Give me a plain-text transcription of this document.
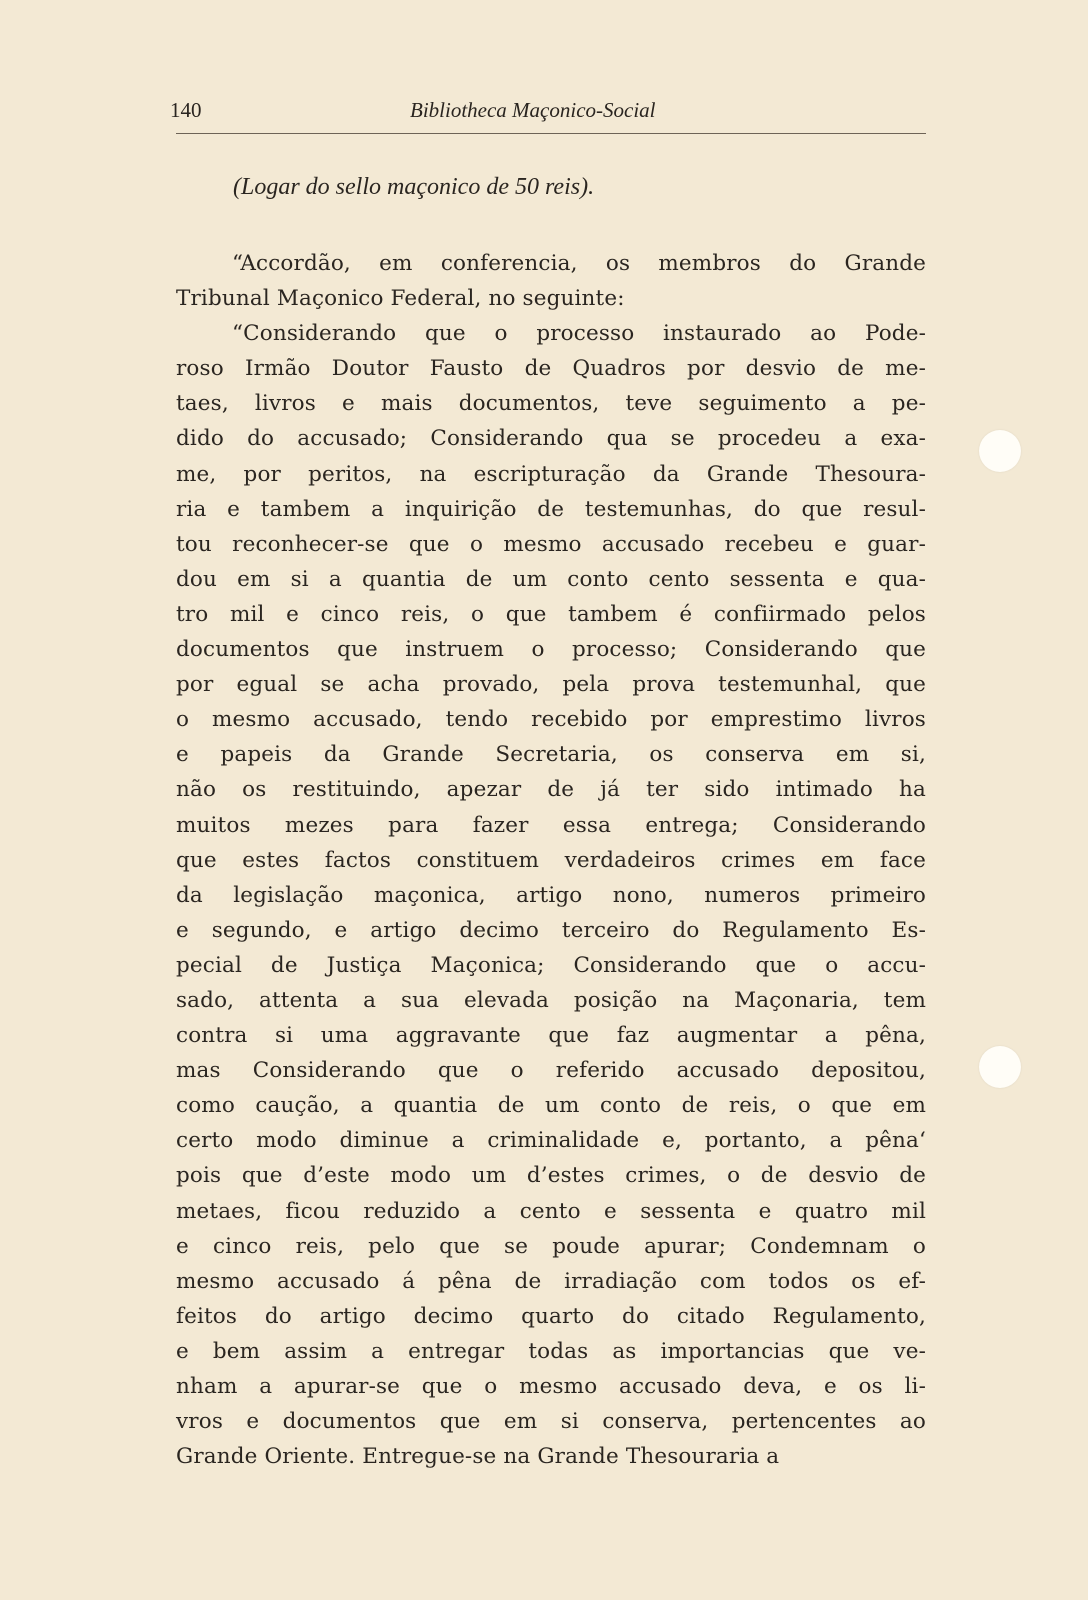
140	Bibliotheca Maçonico-Social
(Logar do sello maçonico de 50 reis).
“Accordão, em conferencia, os membros do Grande
Tribunal Maçonico Federal, no seguinte:
“Considerando que o processo instaurado ao Pode-
roso Irmão Doutor Fausto de Quadros por desvio de me-
taes, livros e mais documentos, teve seguimento a pe-
dido do accusado; Considerando qua se procedeu a exa-
me, por peritos, na escripturação da Grande Thesoura-
ria e tambem a inquirição de testemunhas, do que resul-
tou reconhecer-se que o mesmo accusado recebeu e guar-
dou em si a quantia de um conto cento sessenta e qua-
tro mil e cinco reis, o que tambem é confiirmado pelos
documentos que instruem o processo; Considerando que
por egual se acha provado, pela prova testemunhal, que
o mesmo accusado, tendo recebido por emprestimo livros
e papeis da Grande Secretaria, os conserva em si,
não os restituindo, apezar de já ter sido intimado ha
muitos mezes para fazer essa entrega; Considerando
que estes factos constituem verdadeiros crimes em face
da legislação maçonica, artigo nono, numeros primeiro
e segundo, e artigo decimo terceiro do Regulamento Es-
pecial de Justiça Maçonica; Considerando que o accu-
sado, attenta a sua elevada posição na Maçonaria, tem
contra si uma aggravante que faz augmentar a pêna,
mas Considerando que o referido accusado depositou,
como caução, a quantia de um conto de reis, o que em
certo modo diminue a criminalidade e, portanto, a pêna‘
pois que d’este modo um d’estes crimes, o de desvio de
metaes, ficou reduzido a cento e sessenta e quatro mil
e cinco reis, pelo que se poude apurar; Condemnam o
mesmo accusado á pêna de irradiação com todos os ef-
feitos do artigo decimo quarto do citado Regulamento,
e bem assim a entregar todas as importancias que ve-
nham a apurar-se que o mesmo accusado deva, e os li-
vros e documentos que em si conserva, pertencentes ao
Grande Oriente. Entregue-se na Grande Thesouraria a
